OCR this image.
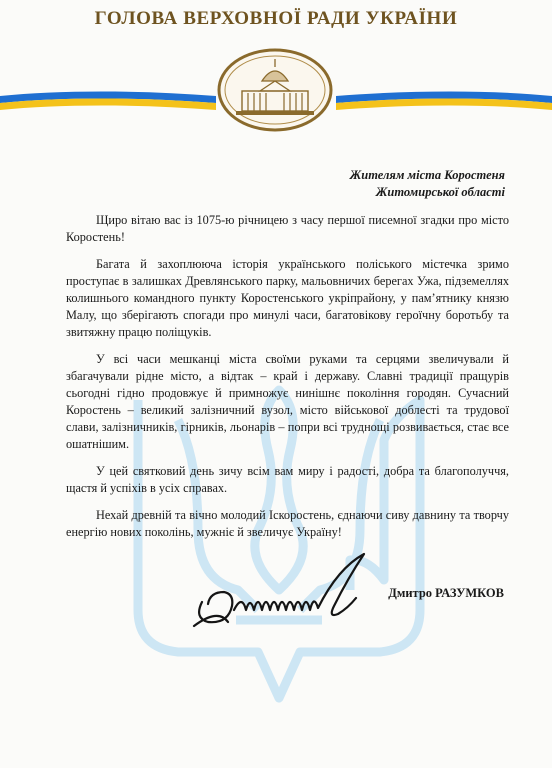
ГОЛОВА ВЕРХОВНОЇ РАДИ УКРАЇНИ
Жителям міста Коростеня
Житомирської області

Щиро вітаю вас із 1075-ю річницею з часу першої писемної згадки про місто Коростень!

Багата й захоплююча історія українського поліського містечка зримо проступає в залишках Древлянського парку, мальовничих берегах Ужа, підземеллях колишнього командного пункту Коростенського укріпрайону, у пам’ятнику князю Малу, що зберігають спогади про минулі часи, багатовікову героїчну боротьбу та звитяжну працю поліщуків.

У всі часи мешканці міста своїми руками та серцями звеличували й збагачували рідне місто, а відтак – край і державу. Славні традиції пращурів сьогодні гідно продовжує й примножує нинішнє покоління городян. Сучасний Коростень – великий залізничний вузол, місто військової доблесті та трудової слави, залізничників, гірників, льонарів – попри всі труднощі розвивається, стає все ошатнішим.

У цей святковий день зичу всім вам миру і радості, добра та благополуччя, щастя й успіхів в усіх справах.

Нехай древній та вічно молодий Іскоростень, єднаючи сиву давнину та творчу енергію нових поколінь, мужніє й звеличує Україну!

Дмитро РАЗУМКОВ
